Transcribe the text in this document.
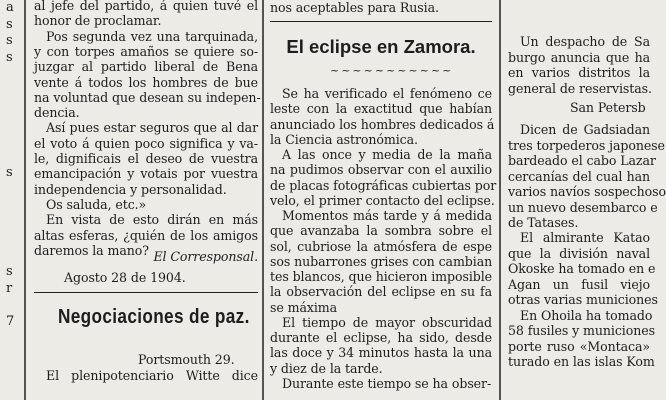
a
s
s
s
s
s
r
7
al jefe del partido, á quien tuvé el
honor de proclamar.
Pos segunda vez una tarquinada,
y con torpes amaños se quiere so-
juzgar al partido liberal de Bena
vente á todos los hombres de bue
na voluntad que desean su indepen-
dencia.
Así pues estar seguros que al dar
el voto á quien poco significa y va-
le, dignificais el deseo de vuestra
emancipación y votais por vuestra
independencia y personalidad.
Os saluda, etc.»
En vista de esto dirán en más
altas esferas, ¿quién de los amigos
daremos la mano? El Corresponsal.
Agosto 28 de 1904.
Negociaciones de paz.
Portsmouth 29.
El plenipotenciario Witte dice
nos aceptables para Rusia.
El eclipse en Zamora.
~~~~~~~~~~~
Se ha verificado el fenómeno ce
leste con la exactitud que habían
anunciado los hombres dedicados á
la Ciencia astronómica.
A las once y media de la maña
na pudimos observar con el auxilio
de placas fotográficas cubiertas por
velo, el primer contacto del eclipse.
Momentos más tarde y á medida
que avanzaba la sombra sobre el
sol, cubriose la atmósfera de espe
sos nubarrones grises con cambian
tes blancos, que hicieron imposible
la observación del eclipse en su fa
se máxima
El tiempo de mayor obscuridad
durante el eclipse, ha sido, desde
las doce y 34 minutos hasta la una
y diez de la tarde.
Durante este tiempo se ha obser-
Un despacho de Sa
burgo anuncia que ha
en varios distritos la
general de reservistas.
San Petersb
Dicen de Gadsiadan
tres torpederos japonese
bardeado el cabo Lazar
cercanías del cual han
varios navíos sospechoso
un nuevo desembarco e
de Tatases.
El almirante Katao
que la división naval
Okoske ha tomado en e
Agan un fusil viejo
otras varias municiones
En Ohoila ha tomado
58 fusiles y municiones
porte ruso «Montaca»
turado en las islas Kom
